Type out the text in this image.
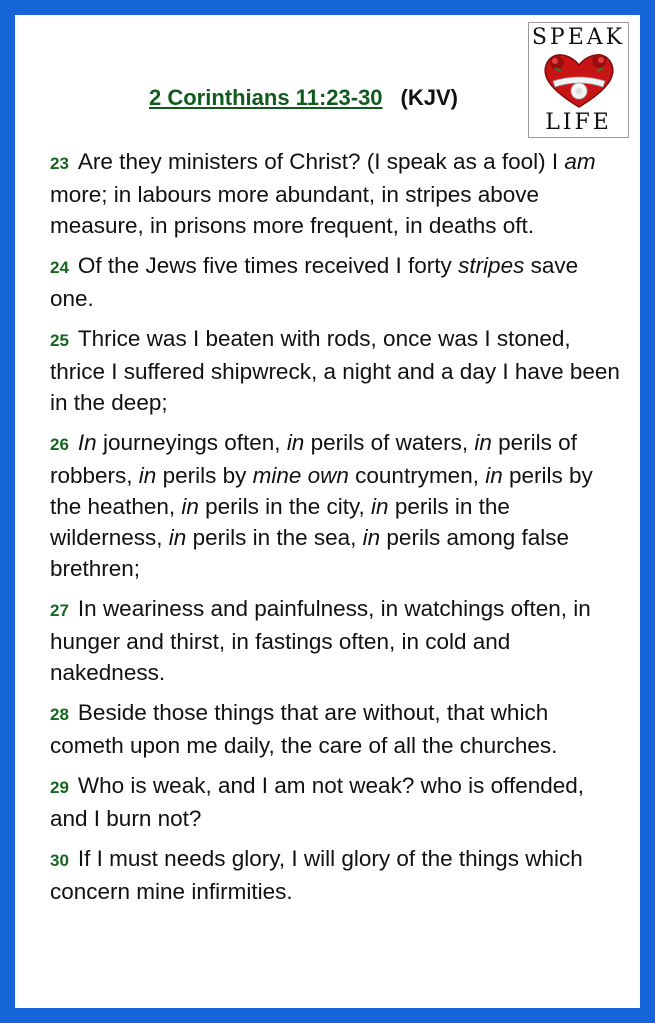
2 Corinthians 11:23-30 (KJV)
SPEAK
LIFE

23 Are they ministers of Christ? (I speak as a fool) I am more; in labours more abundant, in stripes above measure, in prisons more frequent, in deaths oft.

24 Of the Jews five times received I forty stripes save one.

25 Thrice was I beaten with rods, once was I stoned, thrice I suffered shipwreck, a night and a day I have been in the deep;

26 In journeyings often, in perils of waters, in perils of robbers, in perils by mine own countrymen, in perils by the heathen, in perils in the city, in perils in the wilderness, in perils in the sea, in perils among false brethren;

27 In weariness and painfulness, in watchings often, in hunger and thirst, in fastings often, in cold and nakedness.

28 Beside those things that are without, that which cometh upon me daily, the care of all the churches.

29 Who is weak, and I am not weak? who is offended, and I burn not?

30 If I must needs glory, I will glory of the things which concern mine infirmities.
